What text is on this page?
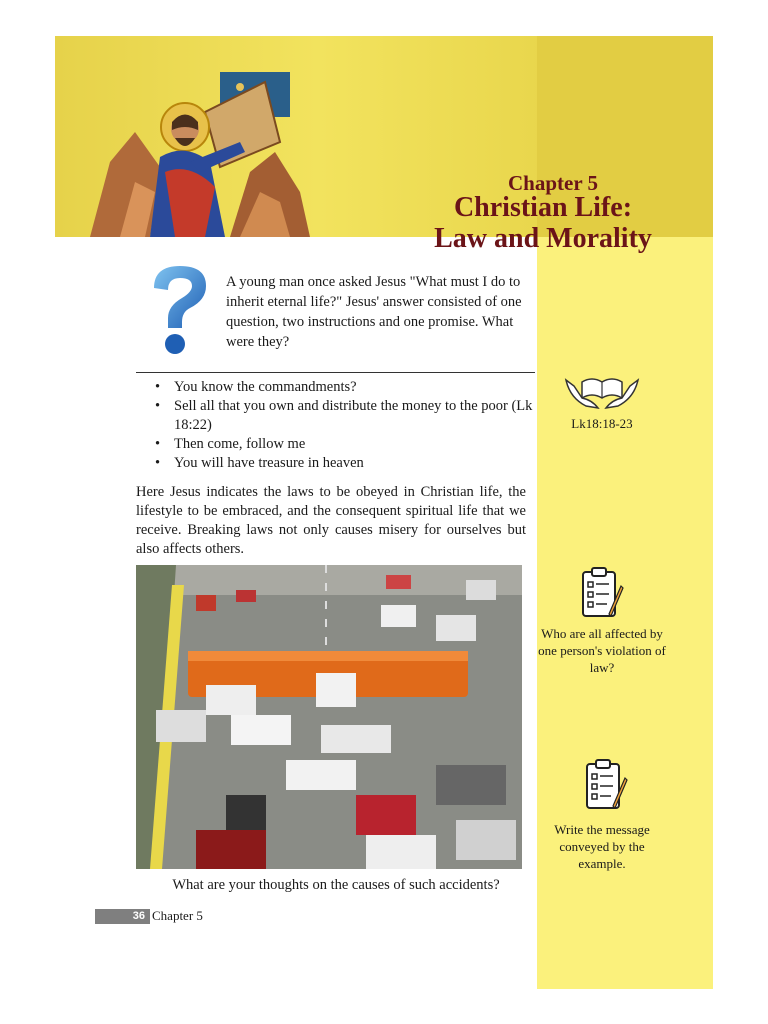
Chapter 5
Christian Life:
Law and Morality
A young man once asked Jesus "What must I do to inherit eternal life?" Jesus' answer consisted of one question, two instructions and one promise. What were they?
• You know the commandments?
• Sell all that you own and distribute the money to the poor (Lk 18:22)
• Then come, follow me
• You will have treasure in heaven
Here Jesus indicates the laws to be obeyed in Christian life, the lifestyle to be embraced, and the consequent spiritual life that we receive. Breaking laws not only causes misery for ourselves but also affects others.
What are your thoughts on the causes of such accidents?
36 Chapter 5
Lk18:18-23
Who are all affected by one person's violation of law?
Write the message conveyed by the example.
